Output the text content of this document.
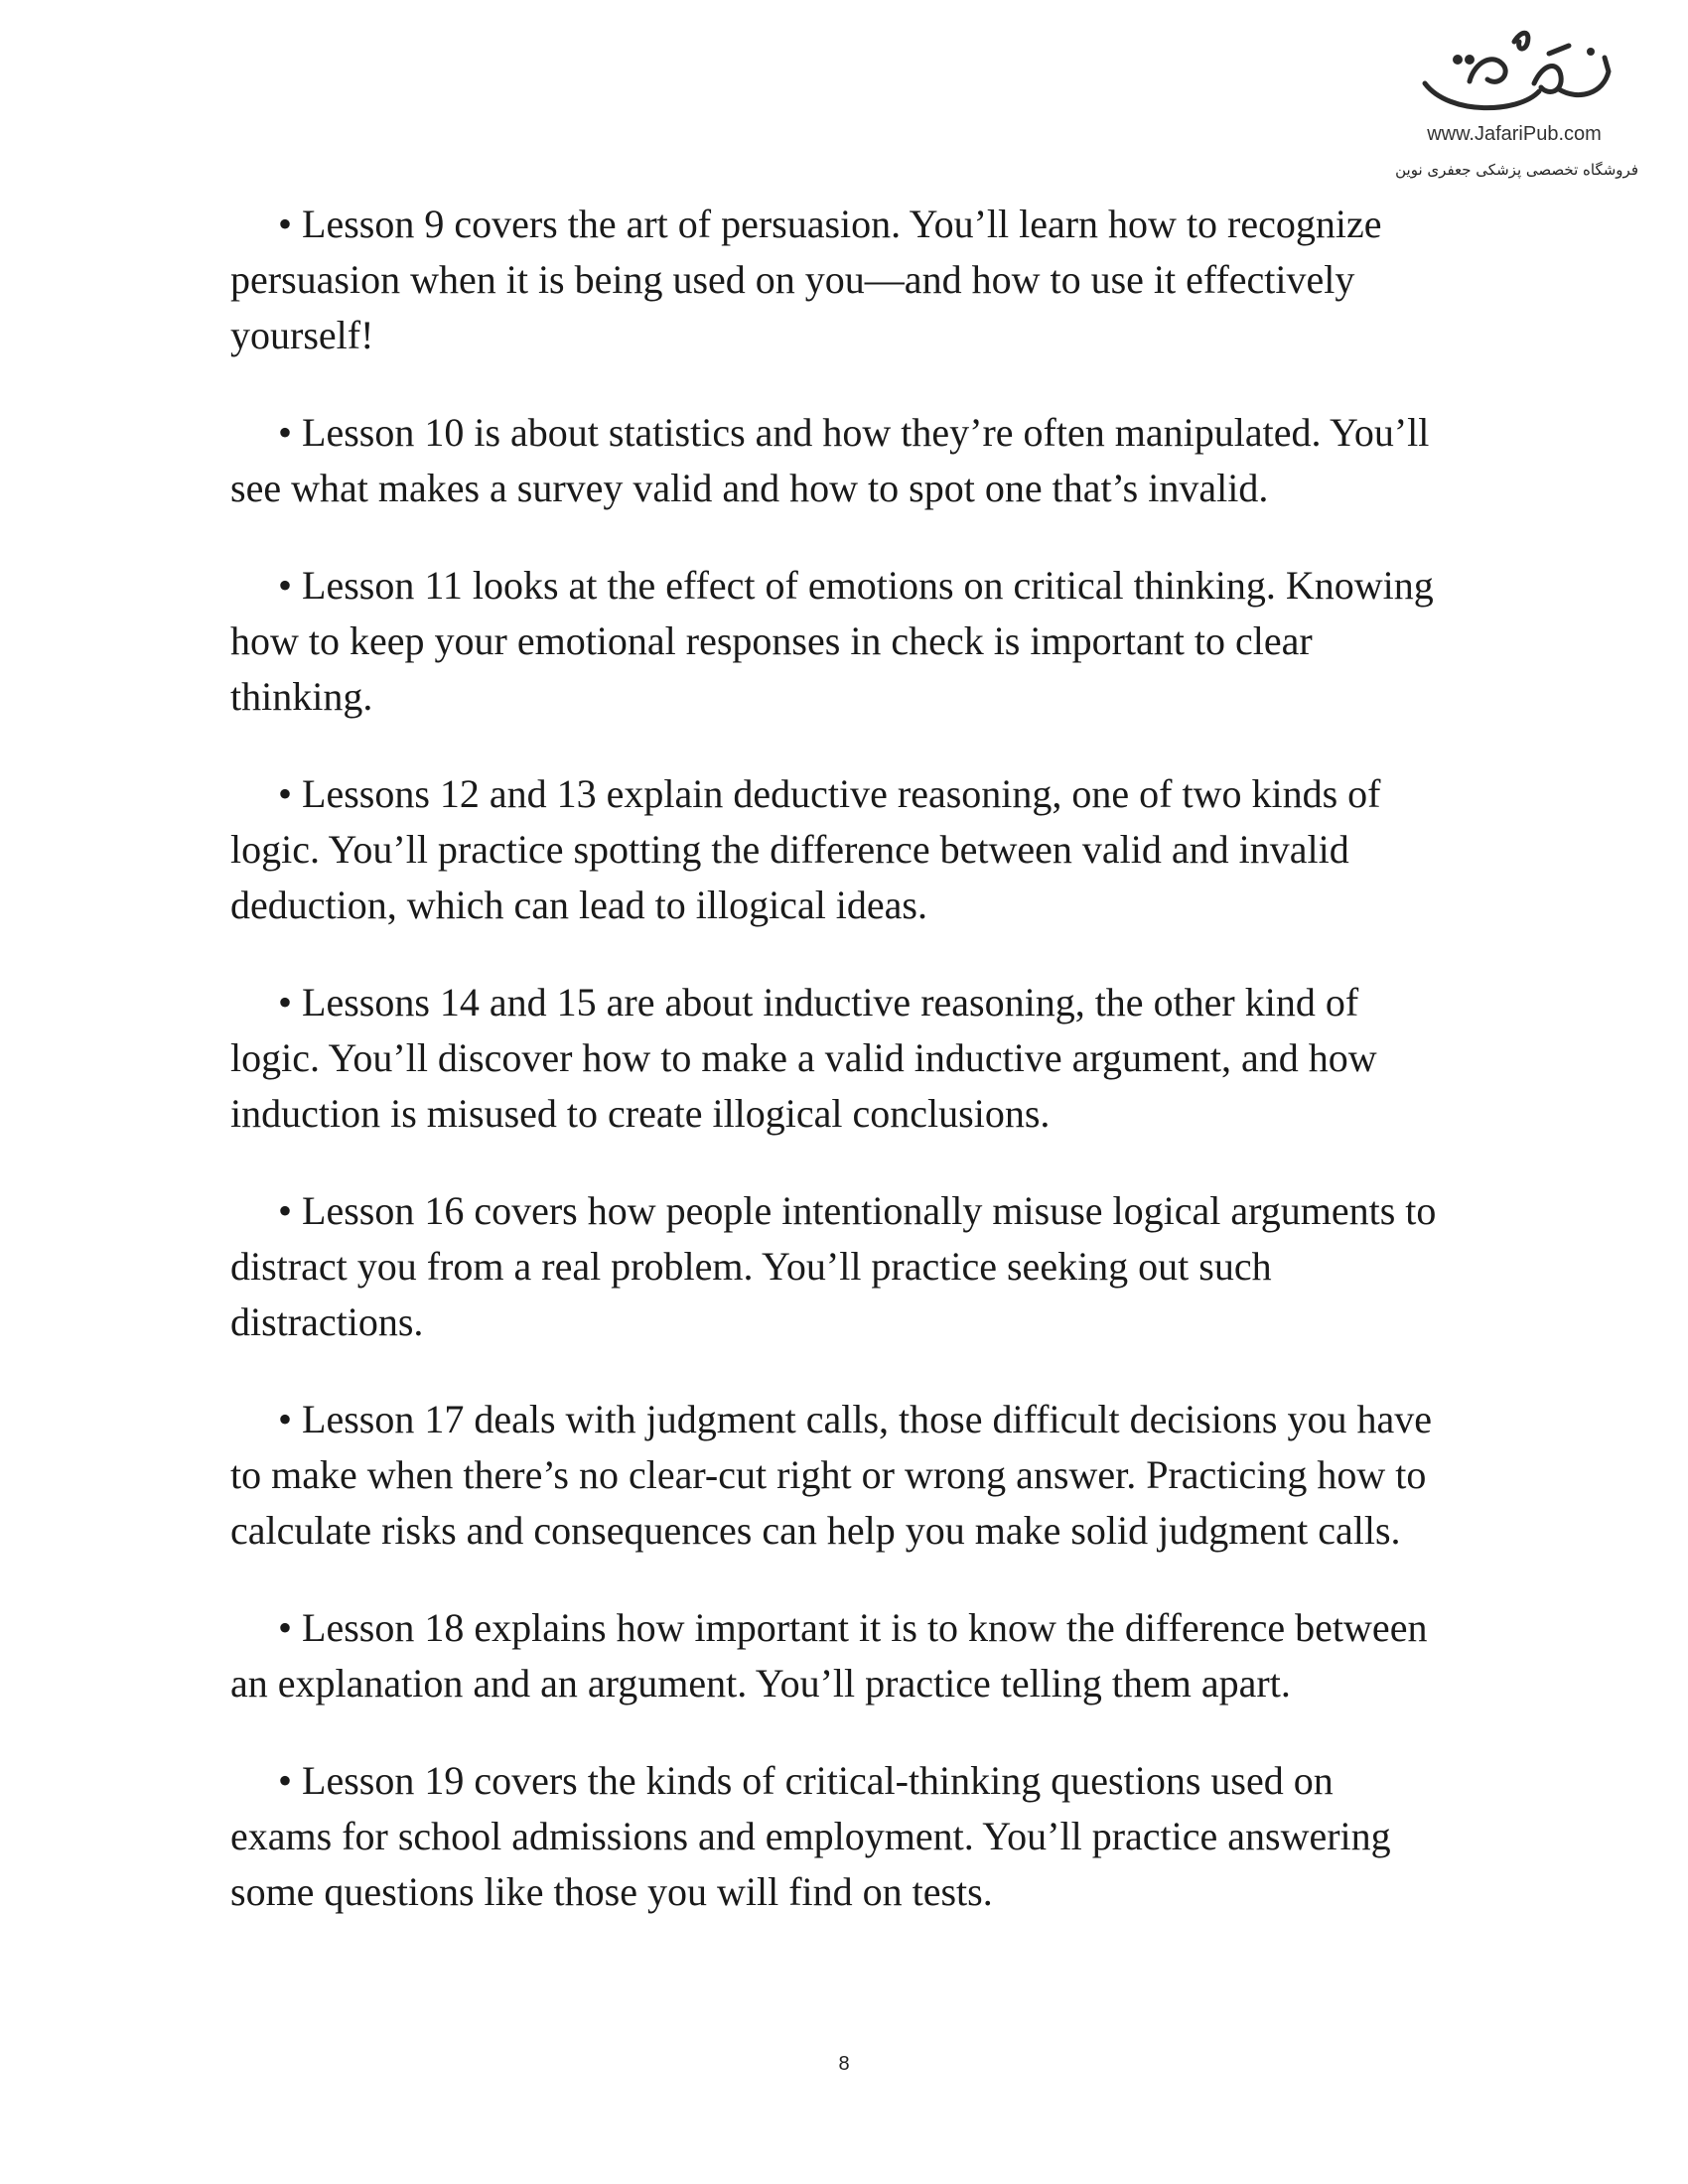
www.JafariPub.com
فروشگاه تخصصی پزشکی جعفری نوین

• Lesson 9 covers the art of persuasion. You’ll learn how to recognize
persuasion when it is being used on you—and how to use it effectively
yourself!

• Lesson 10 is about statistics and how they’re often manipulated. You’ll
see what makes a survey valid and how to spot one that’s invalid.

• Lesson 11 looks at the effect of emotions on critical thinking. Knowing
how to keep your emotional responses in check is important to clear
thinking.

• Lessons 12 and 13 explain deductive reasoning, one of two kinds of
logic. You’ll practice spotting the difference between valid and invalid
deduction, which can lead to illogical ideas.

• Lessons 14 and 15 are about inductive reasoning, the other kind of
logic. You’ll discover how to make a valid inductive argument, and how
induction is misused to create illogical conclusions.

• Lesson 16 covers how people intentionally misuse logical arguments to
distract you from a real problem. You’ll practice seeking out such
distractions.

• Lesson 17 deals with judgment calls, those difficult decisions you have
to make when there’s no clear-cut right or wrong answer. Practicing how to
calculate risks and consequences can help you make solid judgment calls.

• Lesson 18 explains how important it is to know the difference between
an explanation and an argument. You’ll practice telling them apart.

• Lesson 19 covers the kinds of critical-thinking questions used on
exams for school admissions and employment. You’ll practice answering
some questions like those you will find on tests.

8
